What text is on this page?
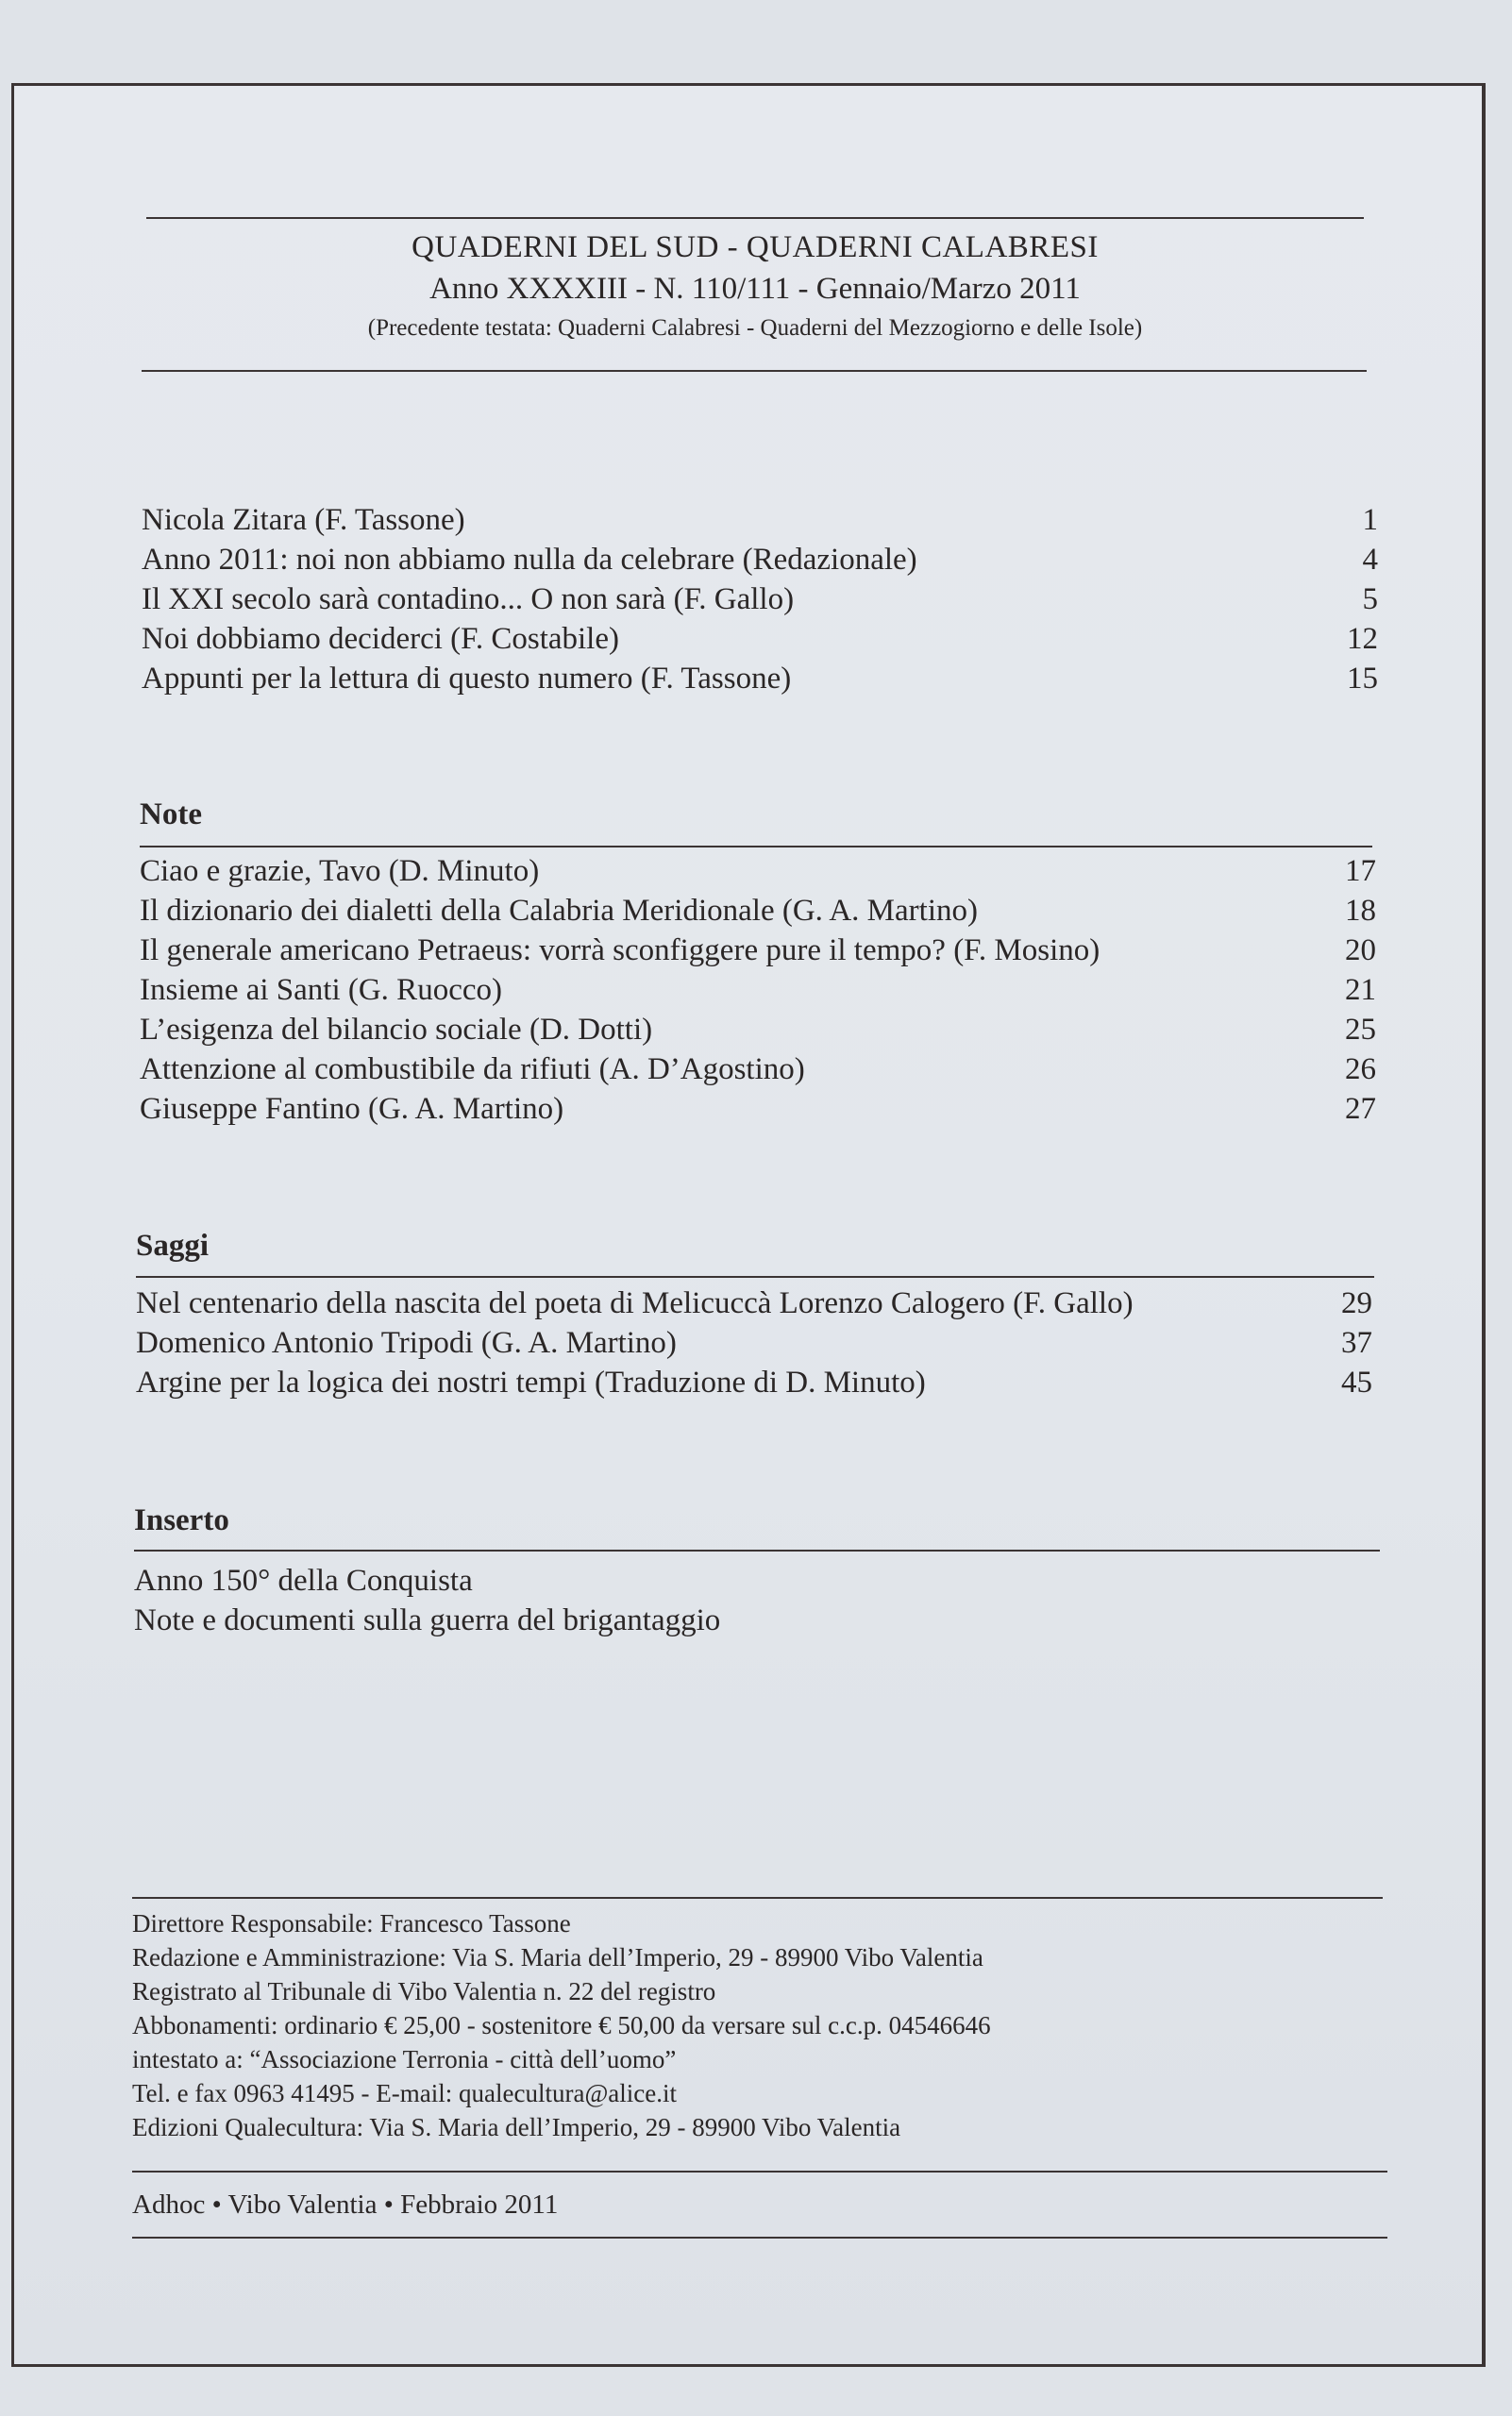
QUADERNI DEL SUD - QUADERNI CALABRESI
Anno XXXXIII - N. 110/111 - Gennaio/Marzo 2011
(Precedente testata: Quaderni Calabresi - Quaderni del Mezzogiorno e delle Isole)
Nicola Zitara (F. Tassone)	1
Anno 2011: noi non abbiamo nulla da celebrare (Redazionale)	4
Il XXI secolo sarà contadino... O non sarà (F. Gallo)	5
Noi dobbiamo deciderci (F. Costabile)	12
Appunti per la lettura di questo numero (F. Tassone)	15
Note
Ciao e grazie, Tavo (D. Minuto)	17
Il dizionario dei dialetti della Calabria Meridionale (G. A. Martino)	18
Il generale americano Petraeus: vorrà sconfiggere pure il tempo? (F. Mosino)	20
Insieme ai Santi (G. Ruocco)	21
L’esigenza del bilancio sociale (D. Dotti)	25
Attenzione al combustibile da rifiuti (A. D’Agostino)	26
Giuseppe Fantino (G. A. Martino)	27
Saggi
Nel centenario della nascita del poeta di Melicuccà Lorenzo Calogero (F. Gallo)	29
Domenico Antonio Tripodi (G. A. Martino)	37
Argine per la logica dei nostri tempi (Traduzione di D. Minuto)	45
Inserto
Anno 150° della Conquista
Note e documenti sulla guerra del brigantaggio
Direttore Responsabile: Francesco Tassone
Redazione e Amministrazione: Via S. Maria dell’Imperio, 29 - 89900 Vibo Valentia
Registrato al Tribunale di Vibo Valentia n. 22 del registro
Abbonamenti: ordinario € 25,00 - sostenitore € 50,00 da versare sul c.c.p. 04546646
intestato a: “Associazione Terronia - città dell’uomo”
Tel. e fax 0963 41495 - E-mail: qualecultura@alice.it
Edizioni Qualecultura: Via S. Maria dell’Imperio, 29 - 89900 Vibo Valentia
Adhoc • Vibo Valentia • Febbraio 2011
